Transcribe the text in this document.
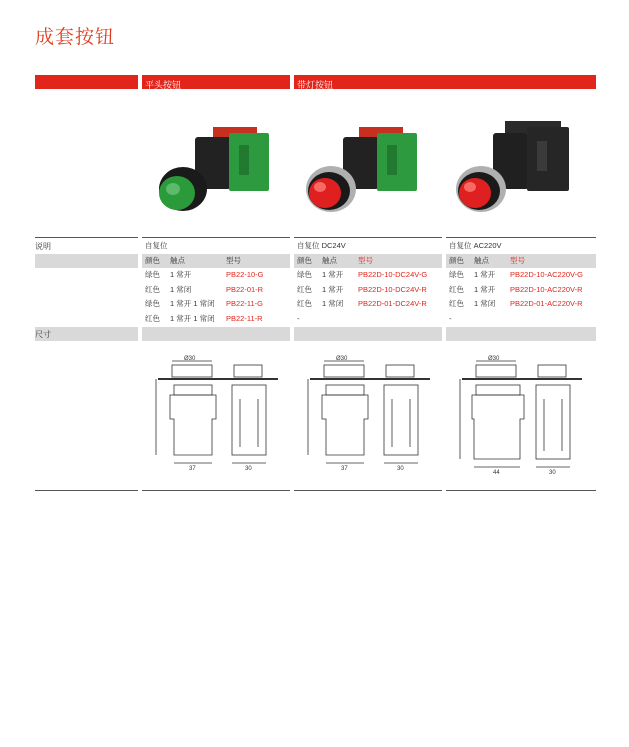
成套按钮
平头按钮	带灯按钮
说明	自复位
颜色 触点	型号
绿色 1 常开	PB22-10-G
红色 1 常闭	PB22-01-R
绿色 1 常开 1 常闭 PB22-11-G
红色 1 常开 1 常闭 PB22-11-R
自复位 DC24V
颜色 触点	型号
绿色 1 常开 PB22D-10-DC24V-G
红色 1 常开 PB22D-10-DC24V-R
红色 1 常闭 PB22D-01-DC24V-R
-
自复位 AC220V
颜色 触点	型号
绿色 1 常开 PB22D-10-AC220V-G
红色 1 常开 PB22D-10-AC220V-R
红色 1 常闭 PB22D-01-AC220V-R
-
尺寸
Ø30
37	30
Ø30
37	30
Ø30
44	30
